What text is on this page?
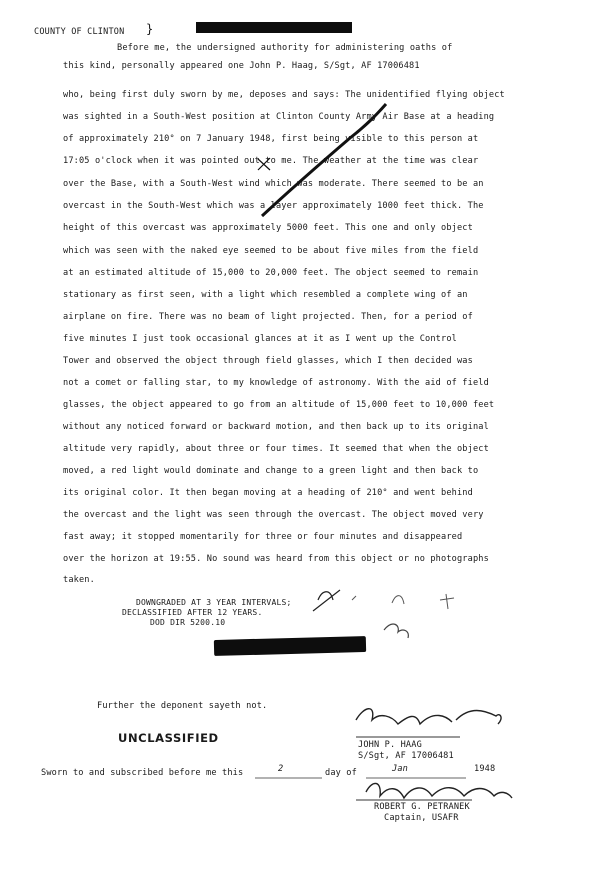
COUNTY OF CLINTON }
Before me, the undersigned authority for administering oaths of
this kind, personally appeared one John P. Haag, S/Sgt, AF 17006481
who, being first duly sworn by me, deposes and says: The unidentified flying object
was sighted in a South-West position at Clinton County Army Air Base at a heading
of approximately 210° on 7 January 1948, first being visible to this person at
17:05 o'clock when it was pointed out to me. The weather at the time was clear
over the Base, with a South-West wind which was moderate. There seemed to be an
overcast in the South-West which was a layer approximately 1000 feet thick. The
height of this overcast was approximately 5000 feet. This one and only object
which was seen with the naked eye seemed to be about five miles from the field
at an estimated altitude of 15,000 to 20,000 feet. The object seemed to remain
stationary as first seen, with a light which resembled a complete wing of an
airplane on fire. There was no beam of light projected. Then, for a period of
five minutes I just took occasional glances at it as I went up the Control
Tower and observed the object through field glasses, which I then decided was
not a comet or falling star, to my knowledge of astronomy. With the aid of field
glasses, the object appeared to go from an altitude of 15,000 feet to 10,000 feet
without any noticed forward or backward motion, and then back up to its original
altitude very rapidly, about three or four times. It seemed that when the object
moved, a red light would dominate and change to a green light and then back to
its original color. It then began moving at a heading of 210° and went behind
the overcast and the light was seen through the overcast. The object moved very
fast away; it stopped momentarily for three or four minutes and disappeared
over the horizon at 19:55. No sound was heard from this object or no photographs
taken.
DOWNGRADED AT 3 YEAR INTERVALS;
DECLASSIFIED AFTER 12 YEARS.
DOD DIR 5200.10
Further the deponent sayeth not.
UNCLASSIFIED	JOHN P. HAAG
S/Sgt, AF 17006481
Sworn to and subscribed before me this	2	day of	Jan	1948
ROBERT G. PETRANEK
Captain, USAFR
